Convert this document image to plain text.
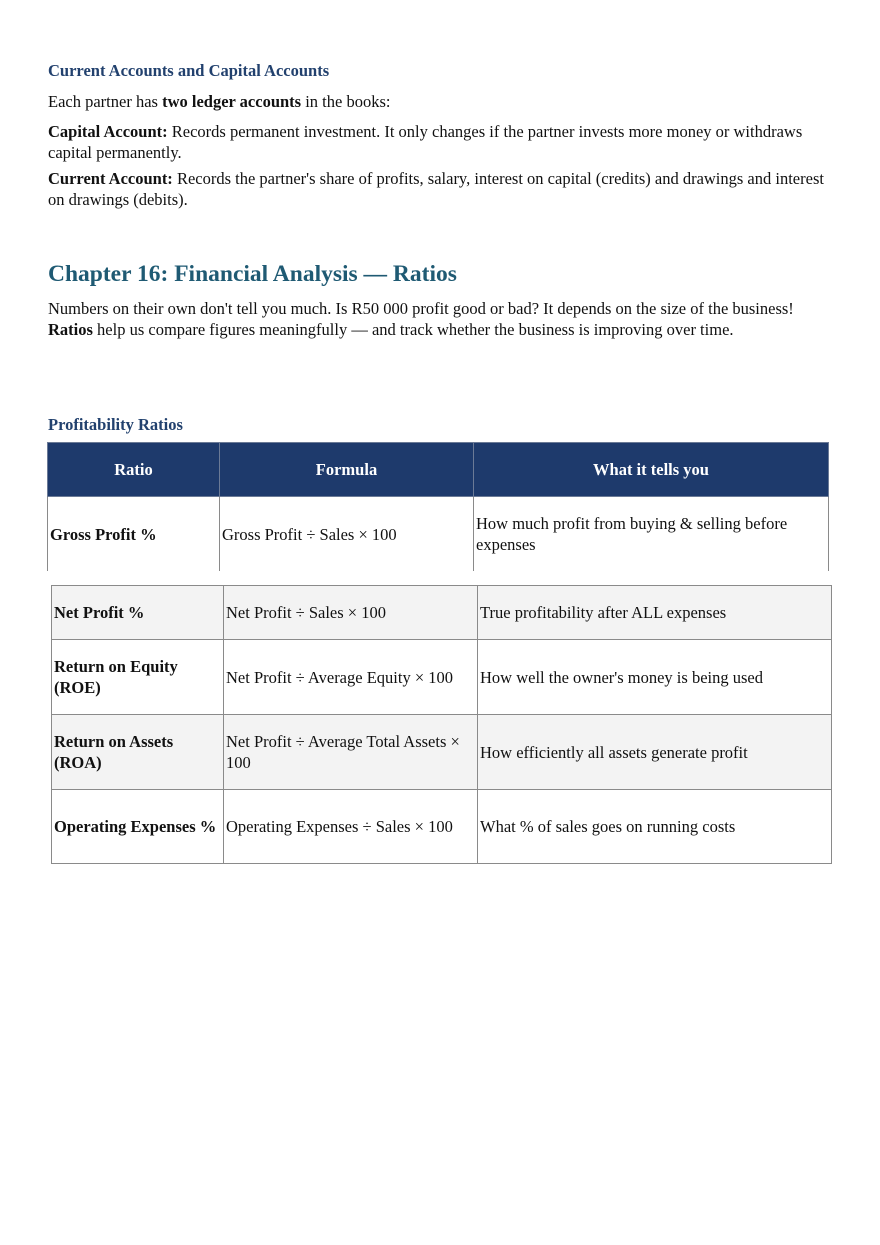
Current Accounts and Capital Accounts

Each partner has two ledger accounts in the books:

Capital Account: Records permanent investment. It only changes if the partner invests more money or withdraws capital permanently.

Current Account: Records the partner's share of profits, salary, interest on capital (credits) and drawings and interest on drawings (debits).

Chapter 16: Financial Analysis — Ratios

Numbers on their own don't tell you much. Is R50 000 profit good or bad? It depends on the size of the business! Ratios help us compare figures meaningfully — and track whether the business is improving over time.

Profitability Ratios
Ratio	Formula	What it tells you
Gross Profit %	Gross Profit ÷ Sales × 100	How much profit from buying & selling before expenses
Net Profit %	Net Profit ÷ Sales × 100	True profitability after ALL expenses
Return on Equity (ROE)	Net Profit ÷ Average Equity × 100	How well the owner's money is being used
Return on Assets (ROA)	Net Profit ÷ Average Total Assets × 100	How efficiently all assets generate profit
Operating Expenses %	Operating Expenses ÷ Sales × 100	What % of sales goes on running costs
